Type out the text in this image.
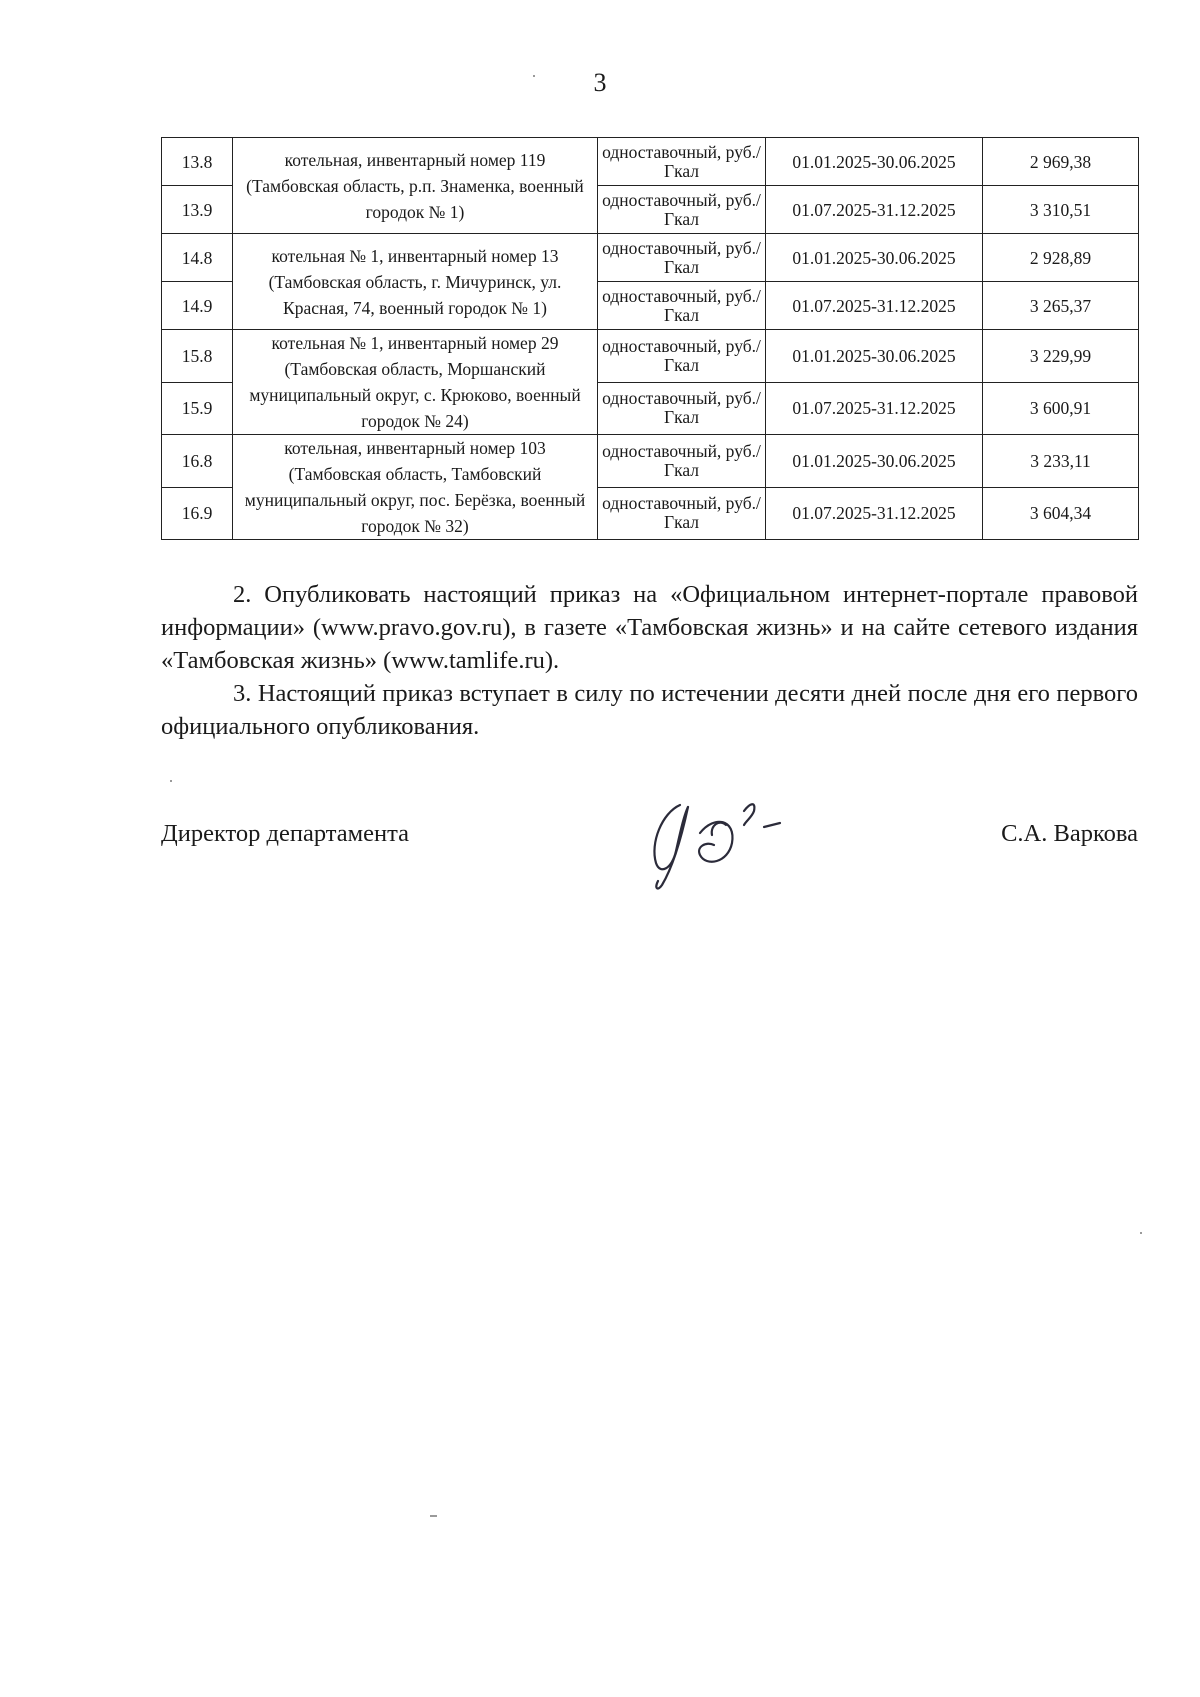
3
13.8	котельная, инвентарный номер 119 (Тамбовская область, р.п. Знаменка, военный городок № 1)	одноставочный, руб./Гкал	01.01.2025-30.06.2025	2 969,38
13.9		одноставочный, руб./Гкал	01.07.2025-31.12.2025	3 310,51
14.8	котельная № 1, инвентарный номер 13 (Тамбовская область, г. Мичуринск, ул. Красная, 74, военный городок № 1)	одноставочный, руб./Гкал	01.01.2025-30.06.2025	2 928,89
14.9		одноставочный, руб./Гкал	01.07.2025-31.12.2025	3 265,37
15.8	котельная № 1, инвентарный номер 29 (Тамбовская область, Моршанский муниципальный округ, с. Крюково, военный городок № 24)	одноставочный, руб./Гкал	01.01.2025-30.06.2025	3 229,99
15.9		одноставочный, руб./Гкал	01.07.2025-31.12.2025	3 600,91
16.8	котельная, инвентарный номер 103 (Тамбовская область, Тамбовский муниципальный округ, пос. Берёзка, военный городок № 32)	одноставочный, руб./Гкал	01.01.2025-30.06.2025	3 233,11
16.9		одноставочный, руб./Гкал	01.07.2025-31.12.2025	3 604,34

2. Опубликовать настоящий приказ на «Официальном интернет-портале правовой информации» (www.pravo.gov.ru), в газете «Тамбовская жизнь» и на сайте сетевого издания «Тамбовская жизнь» (www.tamlife.ru).

3. Настоящий приказ вступает в силу по истечении десяти дней после дня его первого официального опубликования.

Директор департамента	С.А. Варкова
